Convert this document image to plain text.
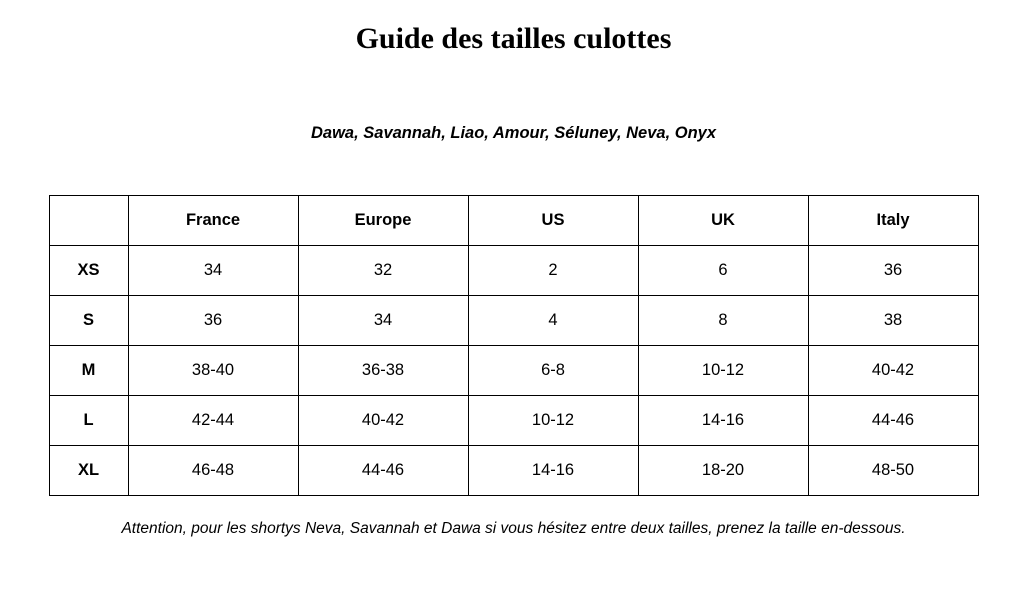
Guide des tailles culottes
Dawa, Savannah, Liao, Amour, Séluney, Neva, Onyx
	France	Europe	US	UK	Italy
XS	34	32	2	6	36
S	36	34	4	8	38
M	38-40	36-38	6-8	10-12	40-42
L	42-44	40-42	10-12	14-16	44-46
XL	46-48	44-46	14-16	18-20	48-50
Attention, pour les shortys Neva, Savannah et Dawa si vous hésitez entre deux tailles, prenez la taille en-dessous.
